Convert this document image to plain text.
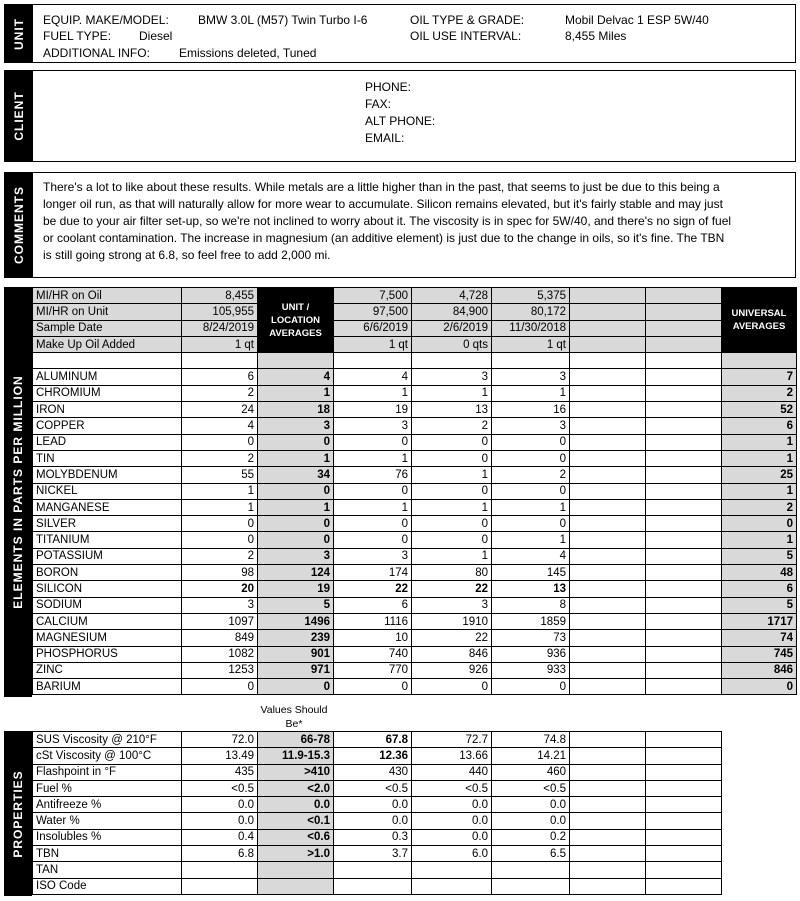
UNIT EQUIP. MAKE/MODEL: BMW 3.0L (M57) Twin Turbo I-6
FUEL TYPE: Diesel
ADDITIONAL INFO: Emissions deleted, Tuned
OIL TYPE & GRADE:	Mobil Delvac 1 ESP 5W/40
OIL USE INTERVAL:	8,455 Miles
CLIENT
PHONE:
FAX:
ALT PHONE:
EMAIL:
COMMENTS There's a lot to like about these results. While metals are a little higher than in the past, that seems to just be due to this being a longer oil run, as that will naturally allow for more wear to accumulate. Silicon remains elevated, but it's fairly stable and may just be due to your air filter set-up, so we're not inclined to worry about it. The viscosity is in spec for 5W/40, and there's no sign of fuel or coolant contamination. The increase in magnesium (an additive element) is just due to the change in oils, so it's fine. The TBN is still going strong at 6.8, so feel free to add 2,000 mi.
ELEMENTS IN PARTS PER MILLION
MI/HR on Oil	8,455	UNIT / LOCATION AVERAGES	7,500	4,728	5,375			UNIVERSAL AVERAGES
MI/HR on Unit	105,955		97,500	84,900	80,172			
Sample Date	8/24/2019		6/6/2019	2/6/2019	11/30/2018			
Make Up Oil Added	1 qt		1 qt	0 qts	1 qt			

ALUMINUM	6	4	4	3	3			7
CHROMIUM	2	1	1	1	1			2
IRON	24	18	19	13	16			52
COPPER	4	3	3	2	3			6
LEAD	0	0	0	0	0			1
TIN	2	1	1	0	0			1
MOLYBDENUM	55	34	76	1	2			25
NICKEL	1	0	0	0	0			1
MANGANESE	1	1	1	1	1			2
SILVER	0	0	0	0	0			0
TITANIUM	0	0	0	0	1			1
POTASSIUM	2	3	3	1	4			5
BORON	98	124	174	80	145			48
SILICON	20	19	22	22	13			6
SODIUM	3	5	6	3	8			5
CALCIUM	1097	1496	1116	1910	1859			1717
MAGNESIUM	849	239	10	22	73			74
PHOSPHORUS	1082	901	740	846	936			745
ZINC	1253	971	770	926	933			846
BARIUM	0	0	0	0	0			0
Values Should Be*
PROPERTIES
SUS Viscosity @ 210°F	72.0	66-78	67.8	72.7	74.8		
cSt Viscosity @ 100°C	13.49	11.9-15.3	12.36	13.66	14.21		
Flashpoint in °F	435	>410	430	440	460		
Fuel %	<0.5	<2.0	<0.5	<0.5	<0.5		
Antifreeze %	0.0	0.0	0.0	0.0	0.0		
Water %	0.0	<0.1	0.0	0.0	0.0		
Insolubles %	0.4	<0.6	0.3	0.0	0.2		
TBN	6.8	>1.0	3.7	6.0	6.5		
TAN							
ISO Code							
